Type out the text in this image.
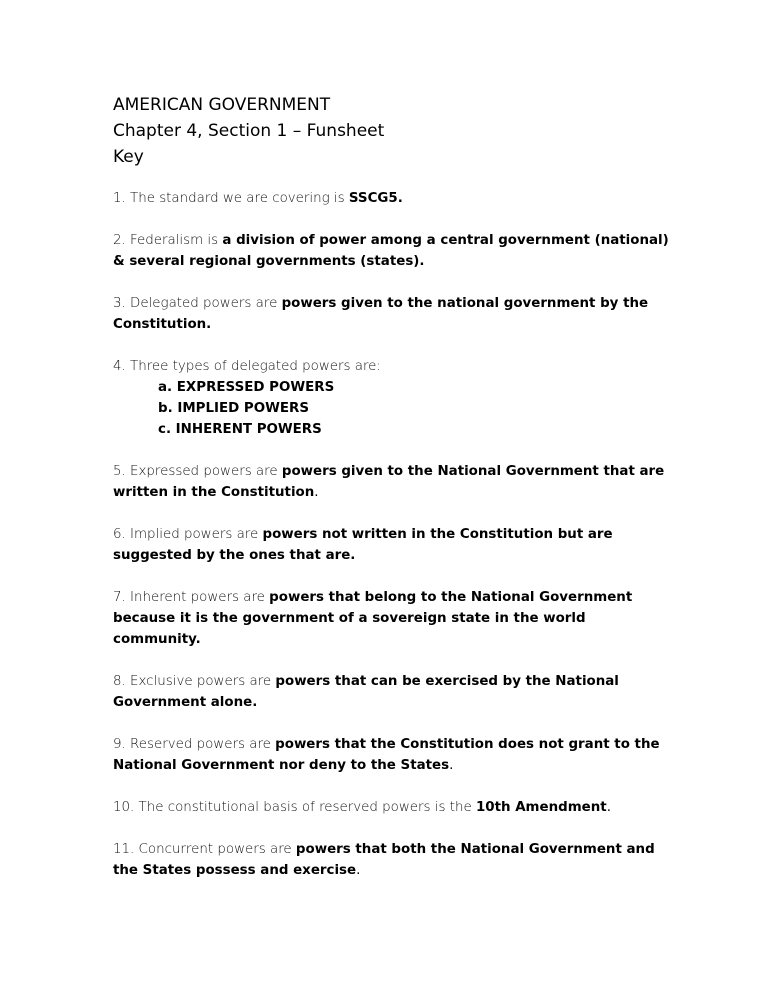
AMERICAN GOVERNMENT

Chapter 4, Section 1 – Funsheet

Key

1. The standard we are covering is SSCG5.

2. Federalism is a division of power among a central government (national) & several regional governments (states).

3. Delegated powers are powers given to the national government by the Constitution.

4. Three types of delegated powers are:
a. EXPRESSED POWERS
b. IMPLIED POWERS
c. INHERENT POWERS

5. Expressed powers are powers given to the National Government that are written in the Constitution.

6. Implied powers are powers not written in the Constitution but are suggested by the ones that are.

7. Inherent powers are powers that belong to the National Government because it is the government of a sovereign state in the world community.

8. Exclusive powers are powers that can be exercised by the National Government alone.

9. Reserved powers are powers that the Constitution does not grant to the National Government nor deny to the States.

10. The constitutional basis of reserved powers is the 10th Amendment.

11. Concurrent powers are powers that both the National Government and the States possess and exercise.
